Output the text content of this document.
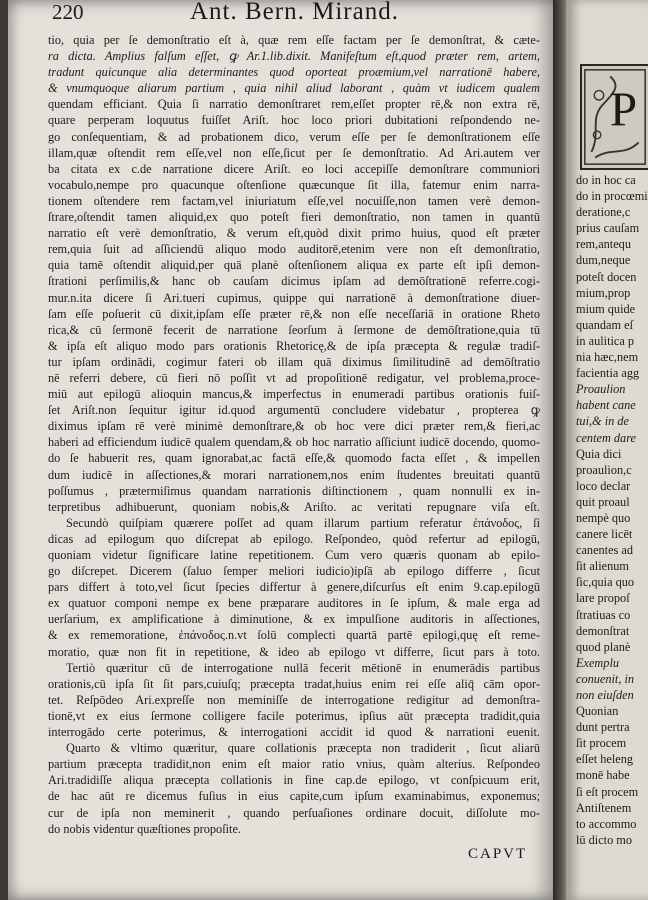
220	Ant. Bern. Mirand.
tio, quia per ſe demonſtratio eſt à, quæ rem eſſe factam per ſe demonſtrat, & cæte-
ra dicta. Amplius falſum eſſet, ꝙ Ar.1.lib.dixit. Manifeſtum eſt,quod præter rem, artem,
tradunt quicunque alia determinantes quod oporteat proæmium,vel narrationē habere,
& vnumquoque aliarum partium , quia nihil aliud laborant , quàm vt iudicem qualem
quendam efficiant. Quia ſi narratio demonſtraret rem,eſſet propter rē,& non extra rē,
quare perperam loquutus fuiſſet Ariſt. hoc loco priori dubitationi reſpondendo ne-
go conſequentiam, & ad probationem dico, verum eſſe per ſe demonſtrationem eſſe
illam,quæ oſtendit rem eſſe,vel non eſſe,ſicut per ſe demonſtratio. Ad Ari.autem ver
ba citata ex c.de narratione dicere Ariſt. eo loci accepiſſe demonſtrare communiori
vocabulo,nempe pro quacunque oſtenſione quæcunque ſit illa, fatemur enim narra-
tionem oſtendere rem factam,vel iniuriatum eſſe,vel nocuiſſe,non tamen verè demon-
ſtrare,oſtendit tamen aliquid,ex quo poteſt fieri demonſtratio, non tamen in quantū
narratio eſt verè demonſtratio, & verum eſt,quòd dixit primo huius, quod eſt præter
rem,quia ſuit ad aſſiciendū aliquo modo auditorē,etenim vere non eſt demonſtratio,
quia tamē oſtendit aliquid,per quā planè oſtenſionem aliqua ex parte eſt ipſi demon-
ſtrationi perſimilis,& hanc ob cauſam dicimus ipſam ad demōſtrationē referre.cogi-
mur.n.ita dicere ſi Ari.tueri cupimus, quippe qui narrationē à demonſtratione diuer-
ſam eſſe poſuerit cū dixit,ipſam eſſe præter rē,& non eſſe neceſſariā in oratione Rheto
rica,& cū ſermonē fecerit de narratione ſeorſum à ſermone de demōſtratione,quia tū
& ipſa eſt aliquo modo pars orationis Rhetoricę,& de ipſa præcepta & regulæ tradiſ-
tur ipſam ordinādi, cogimur fateri ob illam quā diximus ſimilitudinē ad demōſtratio
nē referri debere, cū fieri nō poſſit vt ad propoſitionē redigatur, vel problema,proce-
miū aut epilogū alioquin mancus,& imperfectus in enumeradi partibus orationis fuiſ-
ſet Ariſt.non ſequitur igitur id.quod argumentū concludere videbatur , propterea ꝙ
diximus ipſam rē verè minimè demonſtrare,& ob hoc vere dici præter rem,& fieri,ac
haberi ad efficiendum iudicē qualem quendam,& ob hoc narratio aſſiciunt iudicē docendo, quomo-
do ſe habuerit res, quam ignorabat,ac factā eſſe,& quomodo facta eſſet , & impellen
dum iudicē in aſſectiones,& morari narrationem,nos enim ſtudentes breuitati quantū
poſſumus , prætermiſimus quandam narrationis diſtinctionem , quam nonnulli ex in-
terpretibus adhibuerunt, quoniam nobis,& Ariſto. ac veritati repugnare viſa eſt.
Secundò quiſpiam quærere poſſet ad quam illarum partium referatur ἐπάνοδος, ſi
dicas ad epilogum quo diſcrepat ab epilogo. Reſpondeo, quòd refertur ad epilogū,
quoniam videtur ſignificare latine repetitionem. Cum vero quæris quonam ab epilo-
go diſcrepet. Dicerem (ſaluo ſemper meliori iudicio)ipſā ab epilogo differre , ſicut
pars differt à toto,vel ſicut ſpecies differtur à genere,diſcurſus eſt enim 9.cap.epilogū
ex quatuor componi nempe ex bene præparare auditores in ſe ipſum, & male erga ad
uerſarium, ex amplificatione à diminutione, & ex impulſione auditoris in aſſectiones,
& ex rememoratione, ἐπάνοδος.n.vt ſolū complecti quartā partē epilogi,quę eſt reme-
moratio, quæ non fit in repetitione, & ideo ab epilogo vt differre, ſicut pars à toto.
Tertiò quæritur cū de interrogatione nullā fecerit mētionē in enumerādis partibus
orationis,cū ipſa ſit ſit pars,cuiuſq; præcepta tradat,huius enim rei eſſe aliq̄ cām opor-
tet. Reſpōdeo Ari.expreſſe non meminiſſe de interrogatione redigitur ad demonſtra-
tionē,vt ex eius ſermone colligere facile poterimus, ipſius aūt præcepta tradidit,quia
interrogādo certe poterimus, & interrogationi accidit id quod & narrationi euenit.
Quarto & vltimo quæritur, quare collationis præcepta non tradiderit , ſicut aliarū
partium præcepta tradidit,non enim eſt maior ratio vnius, quàm alterius. Reſpondeo
Ari.tradidiſſe aliqua præcepta collationis in fine cap.de epilogo, vt conſpicuum erit,
de hac aūt re dicemus fuſius in eius capite,cum ipſum examinabimus, exponemus;
cur de ipſa non meminerit , quando perſuaſiones ordinare docuit, diſſolute mo-
do nobis videntur quæſtiones propoſite.
CAPVT
P
do in hoc ca
do in procœmi
deratione,c
prius cauſam
rem,antequ
dum,neque
poteſt docen
mium,prop
mium quide
quandam eſ
in aulitica p
nia hæc,nem
facientia agg
Proaulion
habent cane
tui,& in de
centem dare
Quia dici
proaulion,c
loco declar
quit proaul
nempè quo
canere licēt
canentes ad
ſit alienum
ſic,quia quo
lare propoſ
ſtratiuas co
demonſtrat
quod planè
Exemplu
conuenit, in
non eiuſden
Quonian
dunt pertra
ſit procem
eſſet heleng
monē habe
ſi eſt procem
Antiſtenem
to accommo
lū dicto mo
